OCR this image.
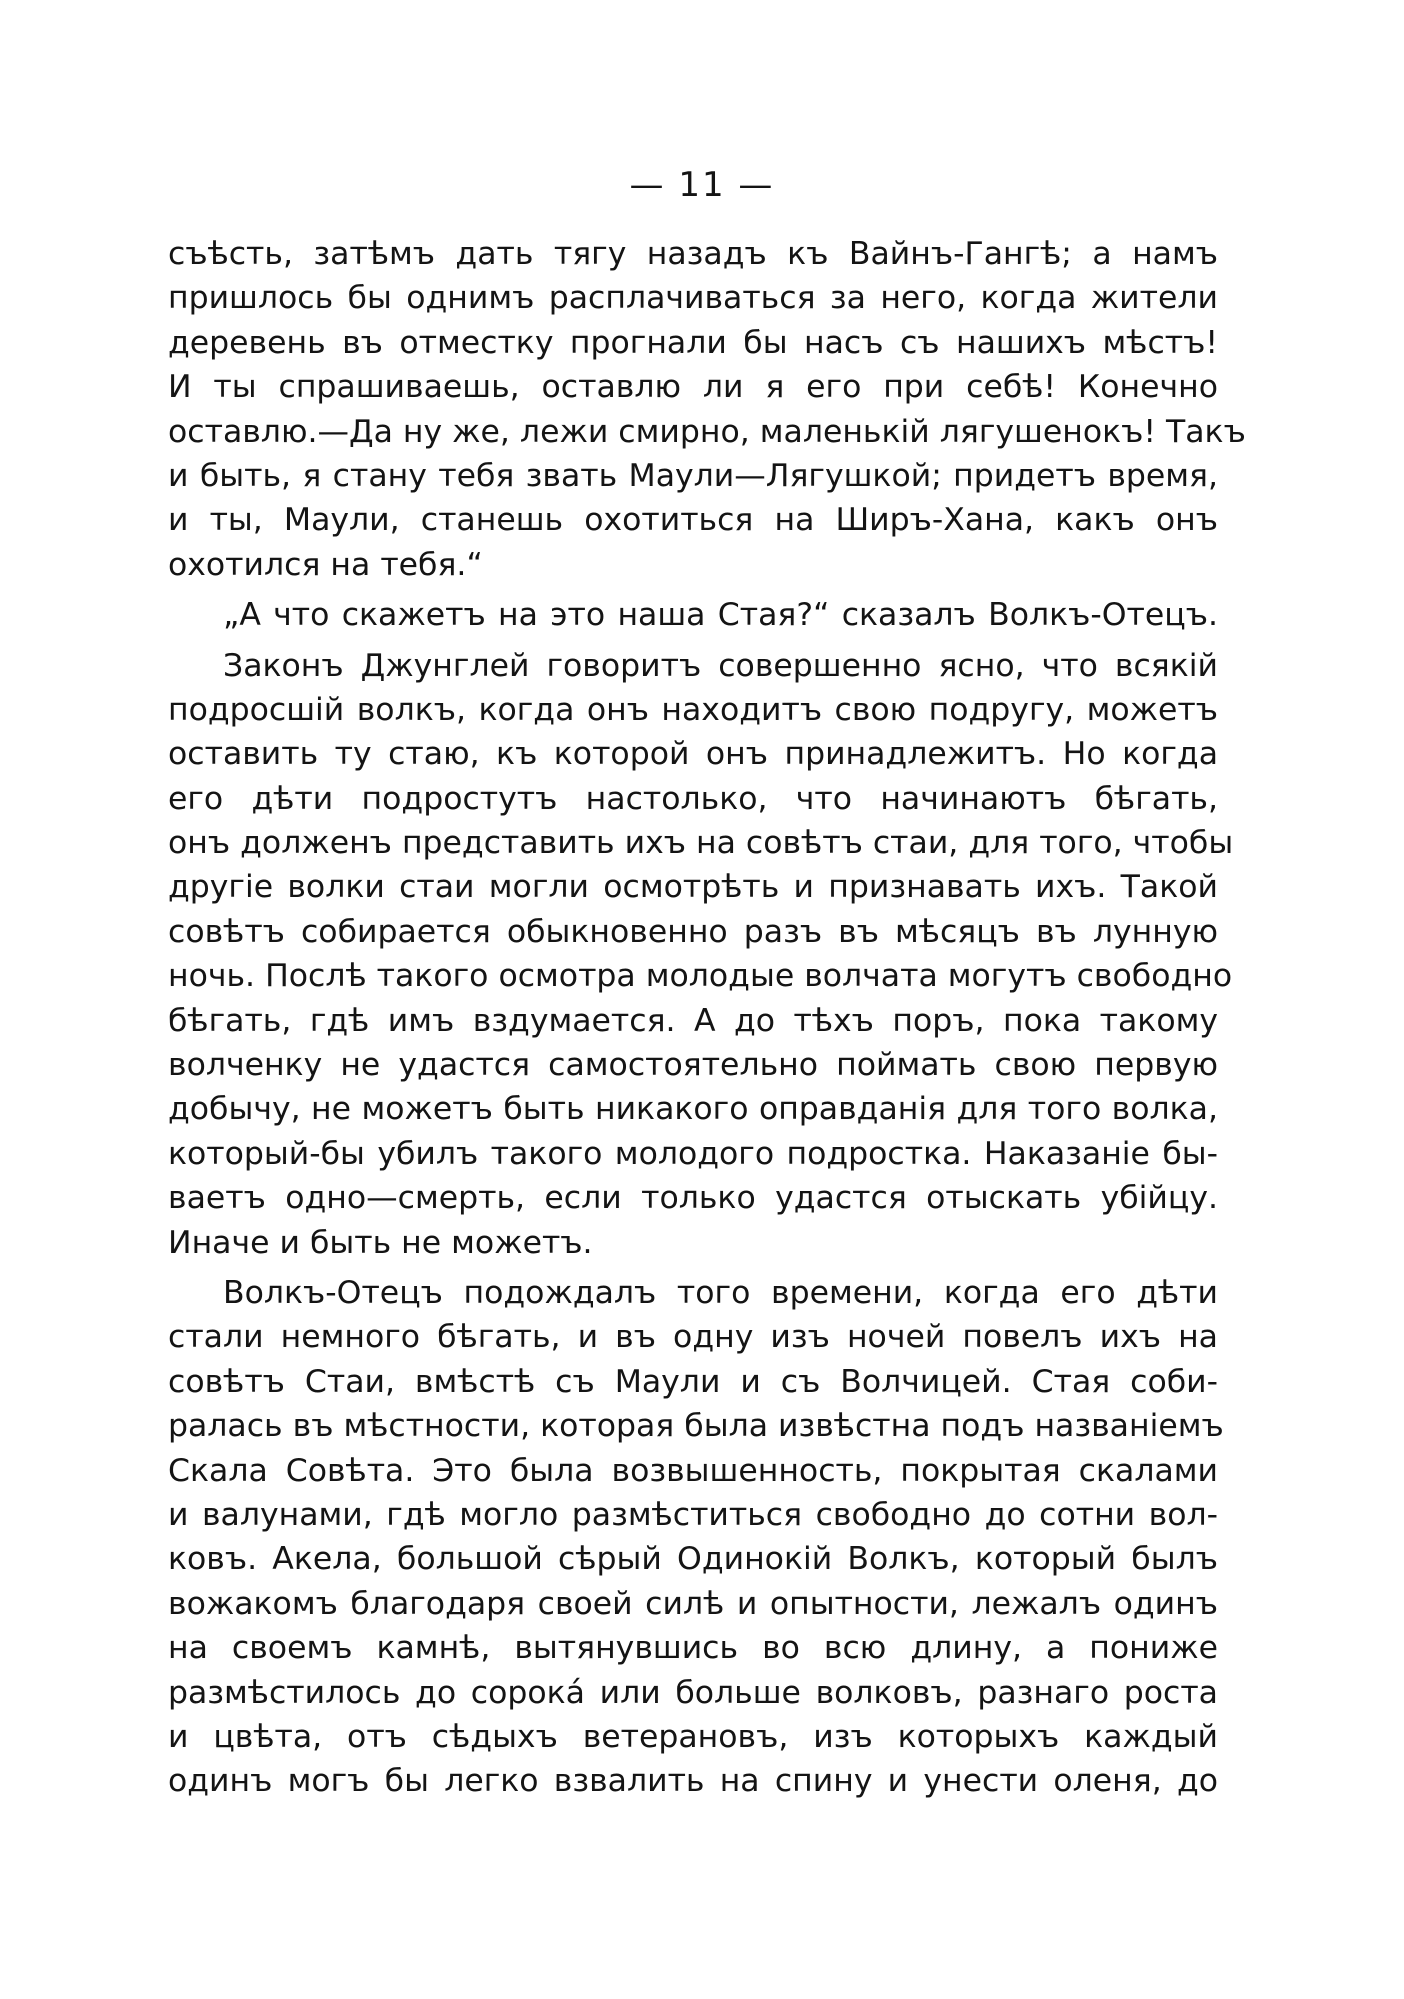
— 11 —
съѣсть, затѣмъ дать тягу назадъ къ Вайнъ-Гангѣ; а намъ
пришлось бы однимъ расплачиваться за него, когда жители
деревень въ отместку прогнали бы насъ съ нашихъ мѣстъ!
И ты спрашиваешь, оставлю ли я его при себѣ! Конечно
оставлю.—Да ну же, лежи смирно, маленькій лягушенокъ! Такъ
и быть, я стану тебя звать Маули—Лягушкой; придетъ время,
и ты, Маули, станешь охотиться на Ширъ-Хана, какъ онъ
охотился на тебя.“
„А что скажетъ на это наша Стая?“ сказалъ Волкъ-Отецъ.
Законъ Джунглей говоритъ совершенно ясно, что всякій
подросшій волкъ, когда онъ находитъ свою подругу, можетъ
оставить ту стаю, къ которой онъ принадлежитъ. Но когда
его дѣти подростутъ настолько, что начинаютъ бѣгать,
онъ долженъ представить ихъ на совѣтъ стаи, для того, чтобы
другіе волки стаи могли осмотрѣть и признавать ихъ. Такой
совѣтъ собирается обыкновенно разъ въ мѣсяцъ въ лунную
ночь. Послѣ такого осмотра молодые волчата могутъ свободно
бѣгать, гдѣ имъ вздумается. А до тѣхъ поръ, пока такому
волченку не удастся самостоятельно поймать свою первую
добычу, не можетъ быть никакого оправданія для того волка,
который-бы убилъ такого молодого подростка. Наказаніе бы-
ваетъ одно—смерть, если только удастся отыскать убійцу.
Иначе и быть не можетъ.
Волкъ-Отецъ подождалъ того времени, когда его дѣти
стали немного бѣгать, и въ одну изъ ночей повелъ ихъ на
совѣтъ Стаи, вмѣстѣ съ Маули и съ Волчицей. Стая соби-
ралась въ мѣстности, которая была извѣстна подъ названіемъ
Скала Совѣта. Это была возвышенность, покрытая скалами
и валунами, гдѣ могло размѣститься свободно до сотни вол-
ковъ. Акела, большой сѣрый Одинокій Волкъ, который былъ
вожакомъ благодаря своей силѣ и опытности, лежалъ одинъ
на своемъ камнѣ, вытянувшись во всю длину, а пониже
размѣстилось до сорока́ или больше волковъ, разнаго роста
и цвѣта, отъ сѣдыхъ ветерановъ, изъ которыхъ каждый
одинъ могъ бы легко взвалить на спину и унести оленя, до
